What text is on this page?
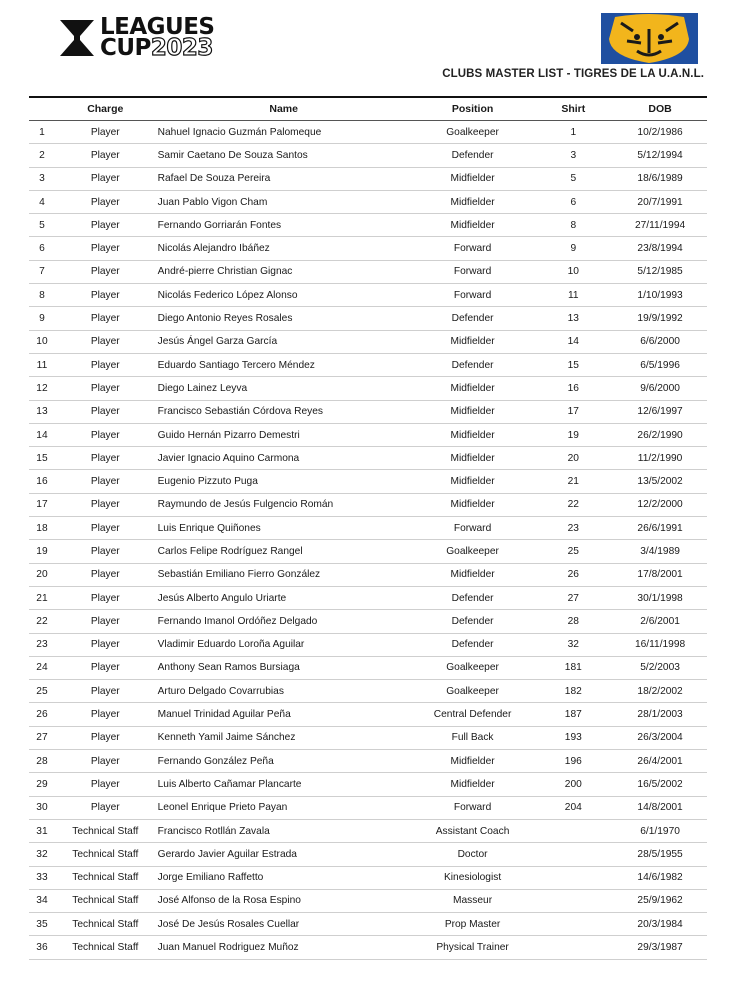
LEAGUES
CUP2023
CLUBS MASTER LIST - TIGRES DE LA U.A.N.L.
	Charge	Name	Position	Shirt	DOB
1	Player	Nahuel Ignacio Guzmán Palomeque	Goalkeeper	1	10/2/1986
2	Player	Samir Caetano De Souza Santos	Defender	3	5/12/1994
3	Player	Rafael De Souza Pereira	Midfielder	5	18/6/1989
4	Player	Juan Pablo Vigon Cham	Midfielder	6	20/7/1991
5	Player	Fernando Gorriarán Fontes	Midfielder	8	27/11/1994
6	Player	Nicolás Alejandro Ibáñez	Forward	9	23/8/1994
7	Player	André-pierre Christian Gignac	Forward	10	5/12/1985
8	Player	Nicolás Federico López Alonso	Forward	11	1/10/1993
9	Player	Diego Antonio Reyes Rosales	Defender	13	19/9/1992
10	Player	Jesús Ángel Garza García	Midfielder	14	6/6/2000
11	Player	Eduardo Santiago Tercero Méndez	Defender	15	6/5/1996
12	Player	Diego Lainez Leyva	Midfielder	16	9/6/2000
13	Player	Francisco Sebastián Córdova Reyes	Midfielder	17	12/6/1997
14	Player	Guido Hernán Pizarro Demestri	Midfielder	19	26/2/1990
15	Player	Javier Ignacio Aquino Carmona	Midfielder	20	11/2/1990
16	Player	Eugenio Pizzuto Puga	Midfielder	21	13/5/2002
17	Player	Raymundo de Jesús Fulgencio Román	Midfielder	22	12/2/2000
18	Player	Luis Enrique Quiñones	Forward	23	26/6/1991
19	Player	Carlos Felipe Rodríguez Rangel	Goalkeeper	25	3/4/1989
20	Player	Sebastián Emiliano Fierro González	Midfielder	26	17/8/2001
21	Player	Jesús Alberto Angulo Uriarte	Defender	27	30/1/1998
22	Player	Fernando Imanol Ordóñez Delgado	Defender	28	2/6/2001
23	Player	Vladimir Eduardo Loroña Aguilar	Defender	32	16/11/1998
24	Player	Anthony Sean Ramos Bursiaga	Goalkeeper	181	5/2/2003
25	Player	Arturo Delgado Covarrubias	Goalkeeper	182	18/2/2002
26	Player	Manuel Trinidad Aguilar Peña	Central Defender	187	28/1/2003
27	Player	Kenneth Yamil Jaime Sánchez	Full Back	193	26/3/2004
28	Player	Fernando González Peña	Midfielder	196	26/4/2001
29	Player	Luis Alberto Cañamar Plancarte	Midfielder	200	16/5/2002
30	Player	Leonel Enrique Prieto Payan	Forward	204	14/8/2001
31	Technical Staff	Francisco Rotllán Zavala	Assistant Coach		6/1/1970
32	Technical Staff	Gerardo Javier Aguilar Estrada	Doctor		28/5/1955
33	Technical Staff	Jorge Emiliano Raffetto	Kinesiologist		14/6/1982
34	Technical Staff	José Alfonso de la Rosa Espino	Masseur		25/9/1962
35	Technical Staff	José De Jesús Rosales Cuellar	Prop Master		20/3/1984
36	Technical Staff	Juan Manuel Rodriguez Muñoz	Physical Trainer		29/3/1987
